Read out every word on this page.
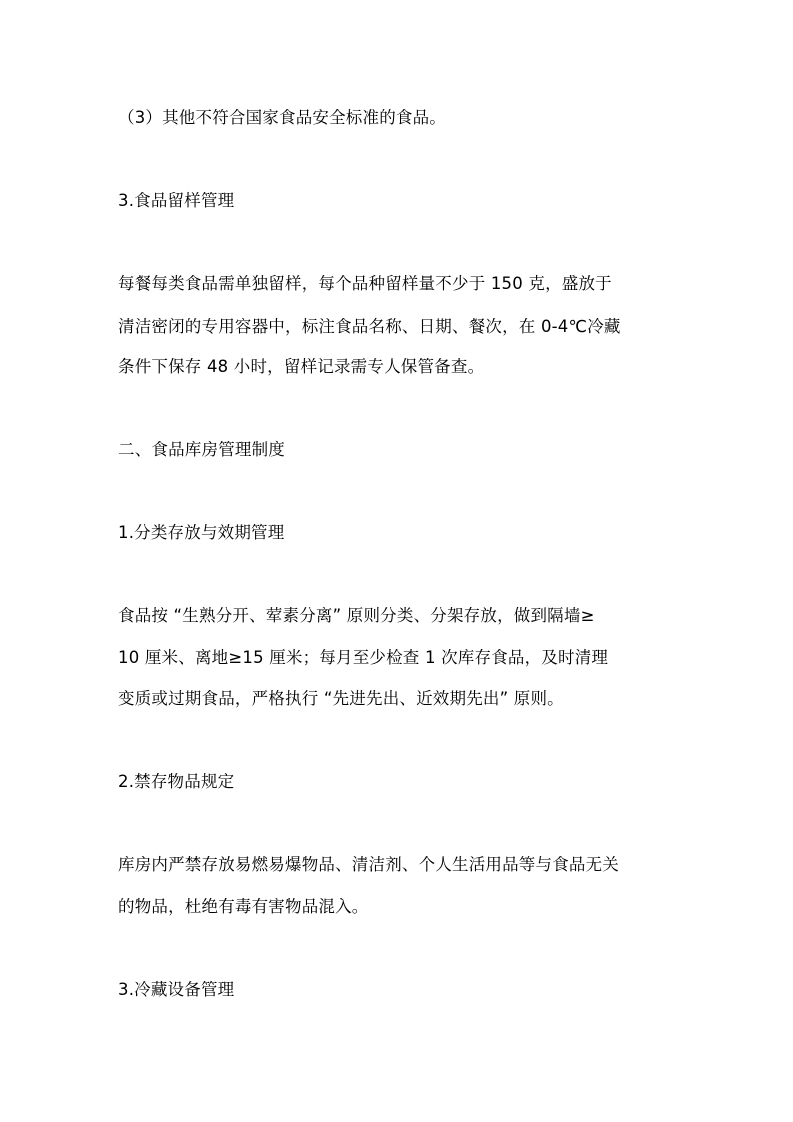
（3）其他不符合国家食品安全标准的食品。
3.食品留样管理
每餐每类食品需单独留样，每个品种留样量不少于 150 克，盛放于
清洁密闭的专用容器中，标注食品名称、日期、餐次，在 0-4℃冷藏
条件下保存 48 小时，留样记录需专人保管备查。
二、食品库房管理制度
1.分类存放与效期管理
食品按 “生熟分开、荤素分离” 原则分类、分架存放，做到隔墙≥
10 厘米、离地≥15 厘米；每月至少检查 1 次库存食品，及时清理
变质或过期食品，严格执行 “先进先出、近效期先出” 原则。
2.禁存物品规定
库房内严禁存放易燃易爆物品、清洁剂、个人生活用品等与食品无关
的物品，杜绝有毒有害物品混入。
3.冷藏设备管理
